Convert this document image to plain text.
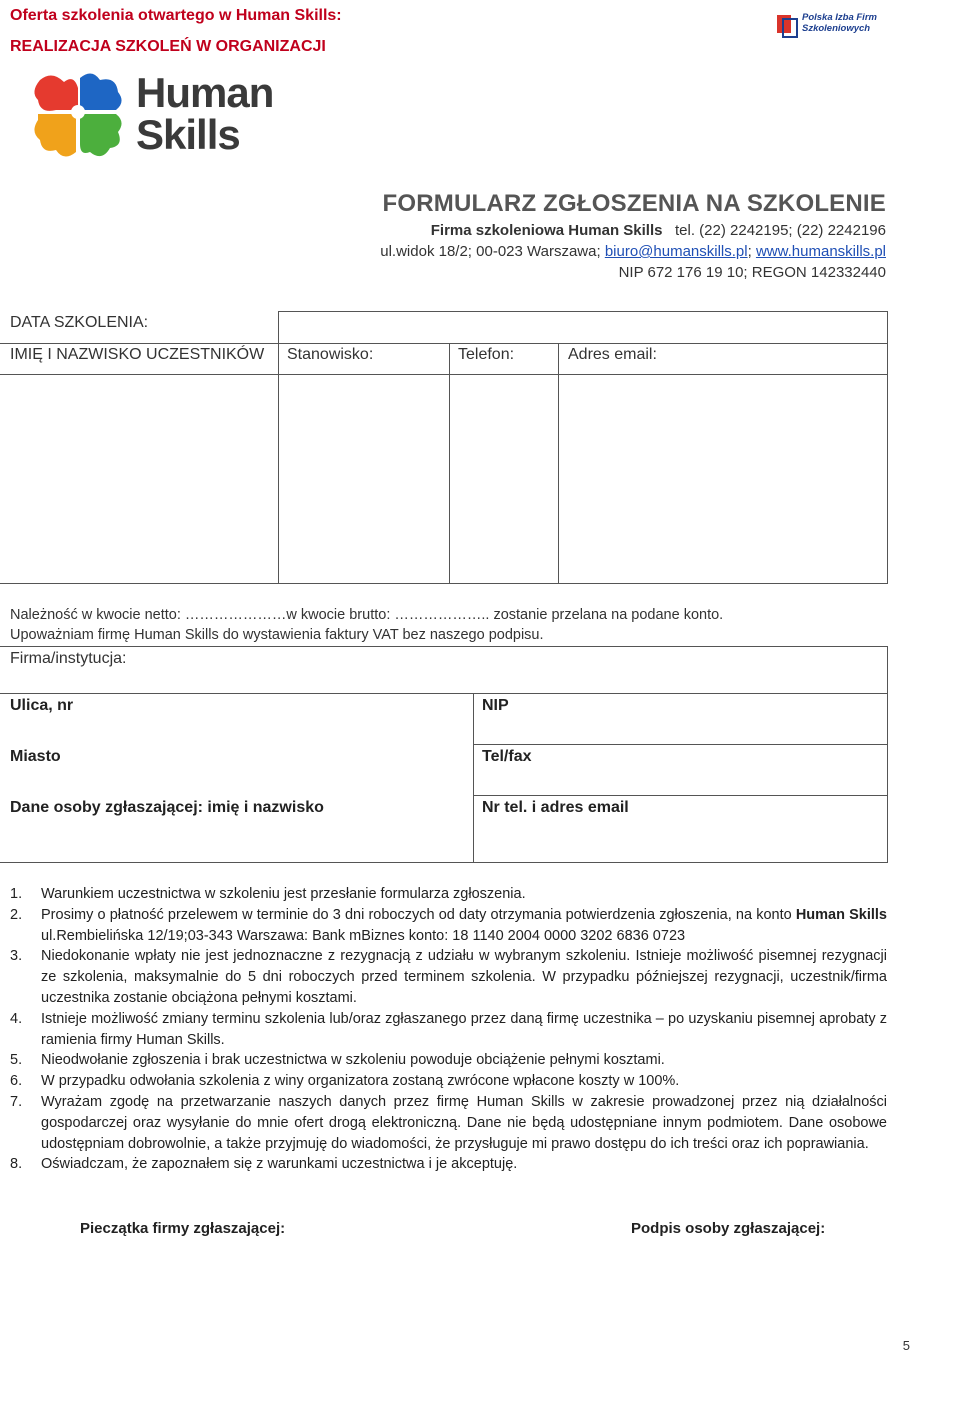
Oferta szkolenia otwartego w Human Skills:
REALIZACJA SZKOLEŃ W ORGANIZACJI
Polska Izba Firm Szkoleniowych
Human
Skills
FORMULARZ ZGŁOSZENIA NA SZKOLENIE
Firma szkoleniowa Human Skills tel. (22) 2242195; (22) 2242196
ul.widok 18/2; 00-023 Warszawa; biuro@humanskills.pl; www.humanskills.pl
NIP 672 176 19 10; REGON 142332440
DATA SZKOLENIA:
IMIĘ I NAZWISKO UCZESTNIKÓW Stanowisko:	Telefon:	Adres email:
Należność w kwocie netto: …………………w kwocie brutto: ……………….. zostanie przelana na podane konto.
Upoważniam firmę Human Skills do wystawienia faktury VAT bez naszego podpisu.
Firma/instytucja:
Ulica, nr	NIP
Miasto	Tel/fax
Dane osoby zgłaszającej: imię i nazwisko	Nr tel. i adres email
1. Warunkiem uczestnictwa w szkoleniu jest przesłanie formularza zgłoszenia.
2. Prosimy o płatność przelewem w terminie do 3 dni roboczych od daty otrzymania potwierdzenia zgłoszenia, na konto Human Skills ul.Rembielińska 12/19;03-343 Warszawa: Bank mBiznes konto: 18 1140 2004 0000 3202 6836 0723
3. Niedokonanie wpłaty nie jest jednoznaczne z rezygnacją z udziału w wybranym szkoleniu. Istnieje możliwość pisemnej rezygnacji ze szkolenia, maksymalnie do 5 dni roboczych przed terminem szkolenia. W przypadku późniejszej rezygnacji, uczestnik/firma uczestnika zostanie obciążona pełnymi kosztami.
4. Istnieje możliwość zmiany terminu szkolenia lub/oraz zgłaszanego przez daną firmę uczestnika – po uzyskaniu pisemnej aprobaty z ramienia firmy Human Skills.
5. Nieodwołanie zgłoszenia i brak uczestnictwa w szkoleniu powoduje obciążenie pełnymi kosztami.
6. W przypadku odwołania szkolenia z winy organizatora zostaną zwrócone wpłacone koszty w 100%.
7. Wyrażam zgodę na przetwarzanie naszych danych przez firmę Human Skills w zakresie prowadzonej przez nią działalności gospodarczej oraz wysyłanie do mnie ofert drogą elektroniczną. Dane nie będą udostępniane innym podmiotem. Dane osobowe udostępniam dobrowolnie, a także przyjmuję do wiadomości, że przysługuje mi prawo dostępu do ich treści oraz ich poprawiania.
8. Oświadczam, że zapoznałem się z warunkami uczestnictwa i je akceptuję.
Pieczątka firmy zgłaszającej:	Podpis osoby zgłaszającej:
5
